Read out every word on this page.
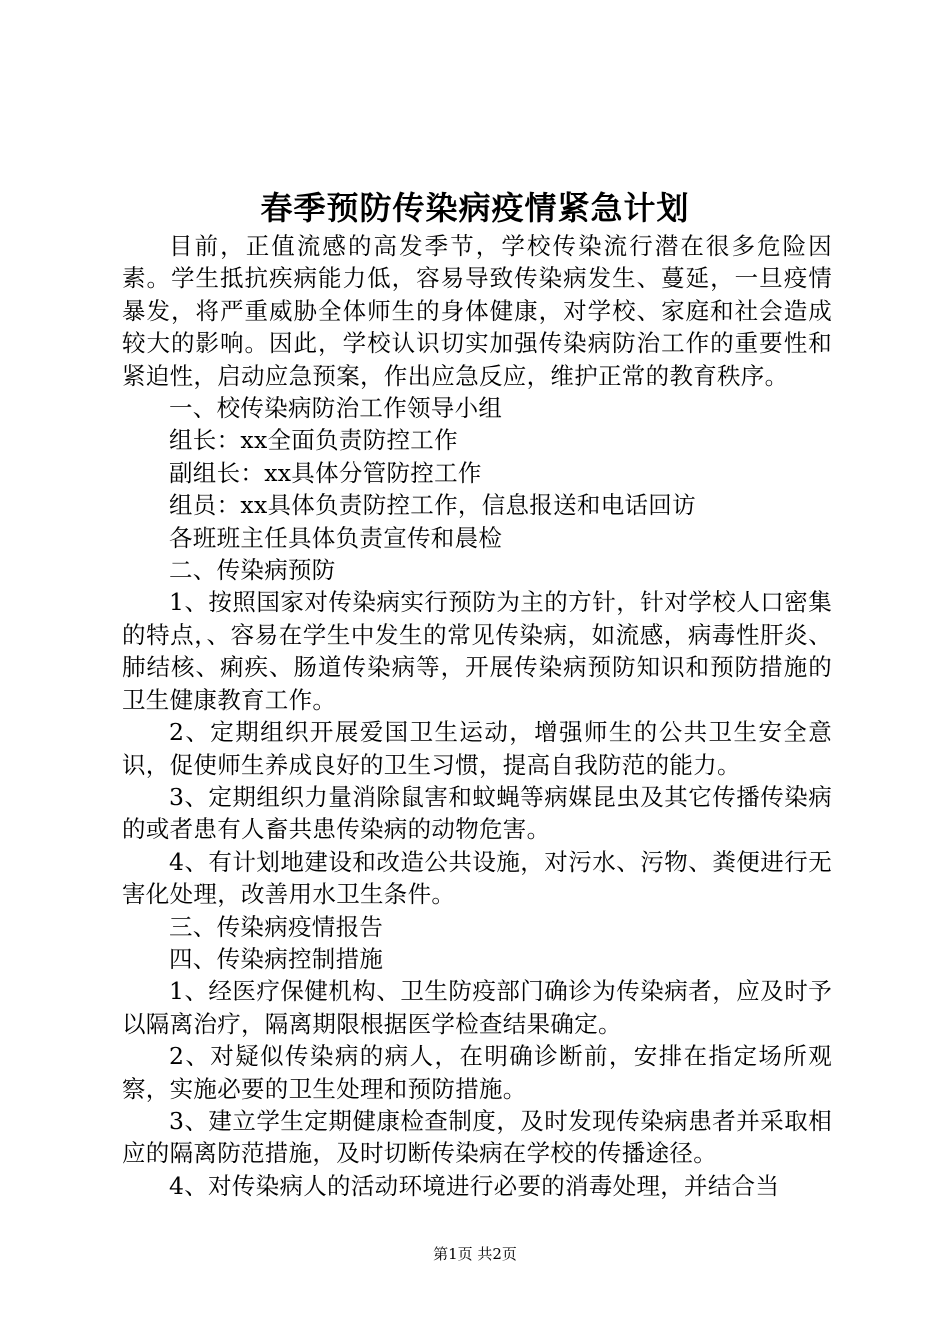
春季预防传染病疫情紧急计划

目前，正值流感的高发季节，学校传染流行潜在很多危险因素。学生抵抗疾病能力低，容易导致传染病发生、蔓延，一旦疫情暴发，将严重威胁全体师生的身体健康，对学校、家庭和社会造成较大的影响。因此，学校认识切实加强传染病防治工作的重要性和紧迫性，启动应急预案，作出应急反应，维护正常的教育秩序。

一、校传染病防治工作领导小组

组长：xx全面负责防控工作

副组长：xx具体分管防控工作

组员：xx具体负责防控工作，信息报送和电话回访

各班班主任具体负责宣传和晨检

二、传染病预防

1、按照国家对传染病实行预防为主的方针，针对学校人口密集的特点，、容易在学生中发生的常见传染病，如流感，病毒性肝炎、肺结核、痢疾、肠道传染病等，开展传染病预防知识和预防措施的卫生健康教育工作。

2、定期组织开展爱国卫生运动，增强师生的公共卫生安全意识，促使师生养成良好的卫生习惯，提高自我防范的能力。

3、定期组织力量消除鼠害和蚊蝇等病媒昆虫及其它传播传染病的或者患有人畜共患传染病的动物危害。

4、有计划地建设和改造公共设施，对污水、污物、粪便进行无害化处理，改善用水卫生条件。

三、传染病疫情报告

四、传染病控制措施

1、经医疗保健机构、卫生防疫部门确诊为传染病者，应及时予以隔离治疗，隔离期限根据医学检查结果确定。

2、对疑似传染病的病人，在明确诊断前，安排在指定场所观察，实施必要的卫生处理和预防措施。

3、建立学生定期健康检查制度，及时发现传染病患者并采取相应的隔离防范措施，及时切断传染病在学校的传播途径。

4、对传染病人的活动环境进行必要的消毒处理，并结合当

第1页 共2页
